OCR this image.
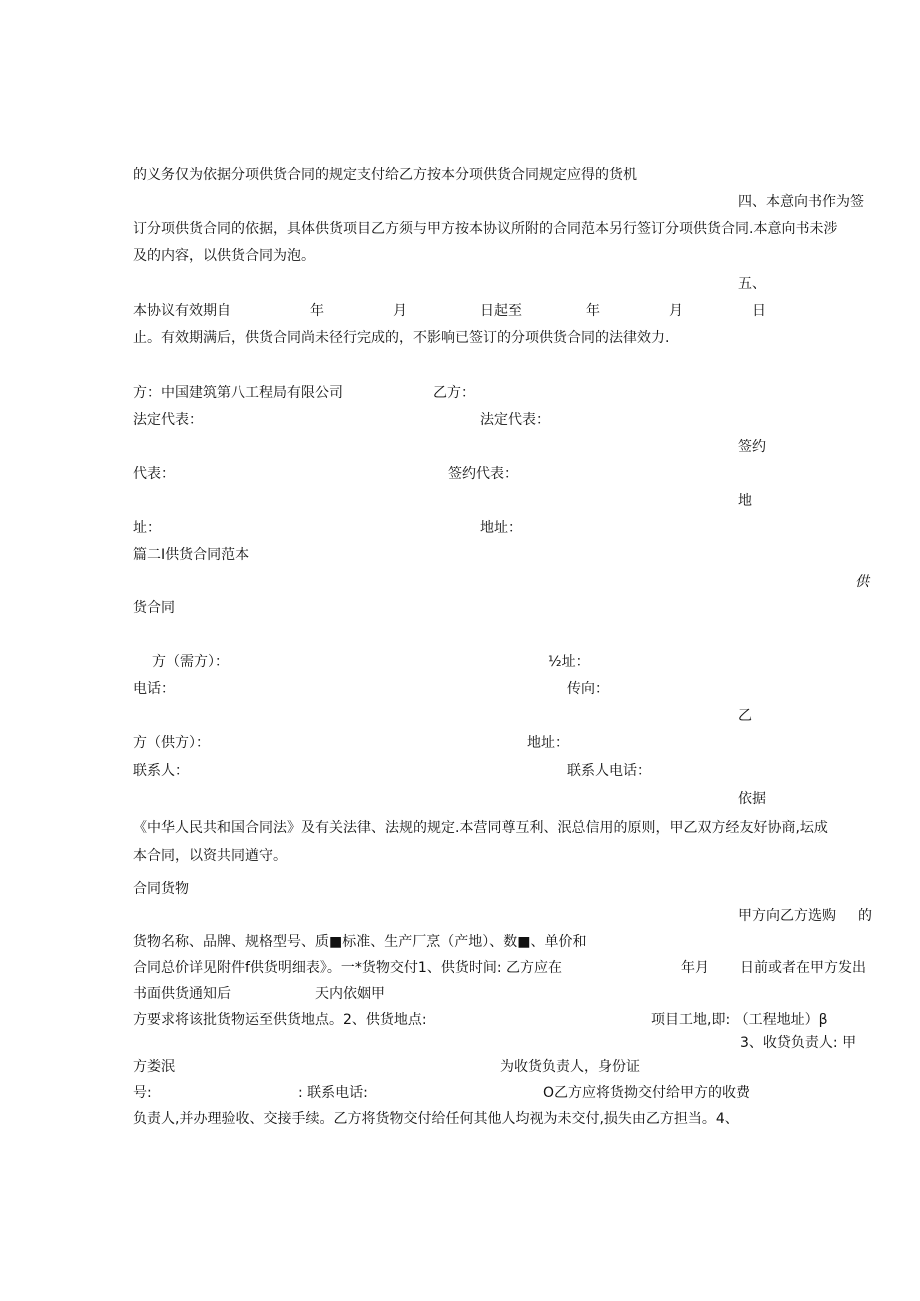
的义务仅为依据分项供货合同的规定支付给乙方按本分项供货合同规定应得的货机
四、本意向书作为签
订分项供货合同的依据，具体供货项目乙方须与甲方按本协议所附的合同范本另行签订分项供货合同.本意向书未涉
及的内容，以供货合同为泡。
五、
本协议有效期自	年	月	日起至	年	月	日
止。有效期满后，供货合同尚未径行完成的，不影响已签订的分项供货合同的法律效力.
方：中国建筑第八工程局有限公司	乙方：
法定代表：	法定代表：
签约
代表：	签约代表：
地
址：	地址：
篇二I供货合同范本
供
货合同
方（需方）：	½址：
电话：	传向：
乙
方（供方）：	地址：
联系人：	联系人电话：
依据
《中华人民共和国合同法》及有关法律、法规的规定.本营同尊互利、泯总信用的原则，甲乙双方经友好协商,坛成
本合同，以资共同遒守。
合同货物
甲方向乙方选购 的
货物名称、品牌、规格型号、质■标准、生产厂烹（产地）、数■、单价和
合同总价详见附件f供货明细表》。一*货物交付1、供货时间: 乙方应在	年月 日前或者在甲方发出
书面供货通知后	天内依姻甲
方要求将该批货物运至供货地点。2、供货地点:	项目工地,即: （工程地址）β
3、收贷负责人: 甲
方娄泯	为收货负责人，身份证
号:	: 联系电话:	O乙方应将货拗交付给甲方的收费
负责人,并办理验收、交接手续。乙方将货物交付给任何其他人均视为未交付,损失由乙方担当。4、
